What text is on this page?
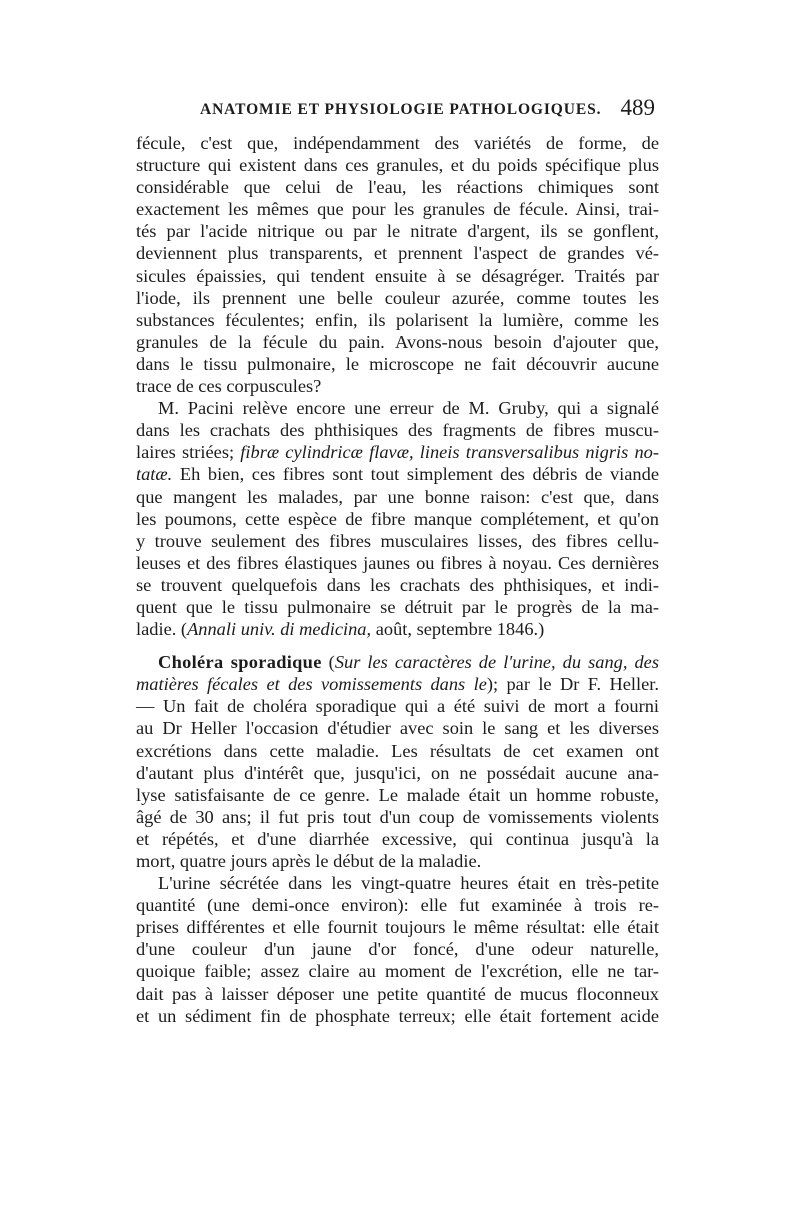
ANATOMIE ET PHYSIOLOGIE PATHOLOGIQUES. 489
fécule, c'est que, indépendamment des variétés de forme, de
structure qui existent dans ces granules, et du poids spécifique plus
considérable que celui de l'eau, les réactions chimiques sont
exactement les mêmes que pour les granules de fécule. Ainsi, trai-
tés par l'acide nitrique ou par le nitrate d'argent, ils se gonflent,
deviennent plus transparents, et prennent l'aspect de grandes vé-
sicules épaissies, qui tendent ensuite à se désagréger. Traités par
l'iode, ils prennent une belle couleur azurée, comme toutes les
substances féculentes; enfin, ils polarisent la lumière, comme les
granules de la fécule du pain. Avons-nous besoin d'ajouter que,
dans le tissu pulmonaire, le microscope ne fait découvrir aucune
trace de ces corpuscules?
M. Pacini relève encore une erreur de M. Gruby, qui a signalé
dans les crachats des phthisiques des fragments de fibres muscu-
laires striées; fibræ cylindricæ flavæ, lineis transversalibus nigris no-
tatæ. Eh bien, ces fibres sont tout simplement des débris de viande
que mangent les malades, par une bonne raison: c'est que, dans
les poumons, cette espèce de fibre manque complétement, et qu'on
y trouve seulement des fibres musculaires lisses, des fibres cellu-
leuses et des fibres élastiques jaunes ou fibres à noyau. Ces dernières
se trouvent quelquefois dans les crachats des phthisiques, et indi-
quent que le tissu pulmonaire se détruit par le progrès de la ma-
ladie. (Annali univ. di medicina, août, septembre 1846.)
Choléra sporadique (Sur les caractères de l'urine, du sang, des
matières fécales et des vomissements dans le); par le Dr F. Heller.
— Un fait de choléra sporadique qui a été suivi de mort a fourni
au Dr Heller l'occasion d'étudier avec soin le sang et les diverses
excrétions dans cette maladie. Les résultats de cet examen ont
d'autant plus d'intérêt que, jusqu'ici, on ne possédait aucune ana-
lyse satisfaisante de ce genre. Le malade était un homme robuste,
âgé de 30 ans; il fut pris tout d'un coup de vomissements violents
et répétés, et d'une diarrhée excessive, qui continua jusqu'à la
mort, quatre jours après le début de la maladie.
L'urine sécrétée dans les vingt-quatre heures était en très-petite
quantité (une demi-once environ): elle fut examinée à trois re-
prises différentes et elle fournit toujours le même résultat: elle était
d'une couleur d'un jaune d'or foncé, d'une odeur naturelle,
quoique faible; assez claire au moment de l'excrétion, elle ne tar-
dait pas à laisser déposer une petite quantité de mucus floconneux
et un sédiment fin de phosphate terreux; elle était fortement acide
